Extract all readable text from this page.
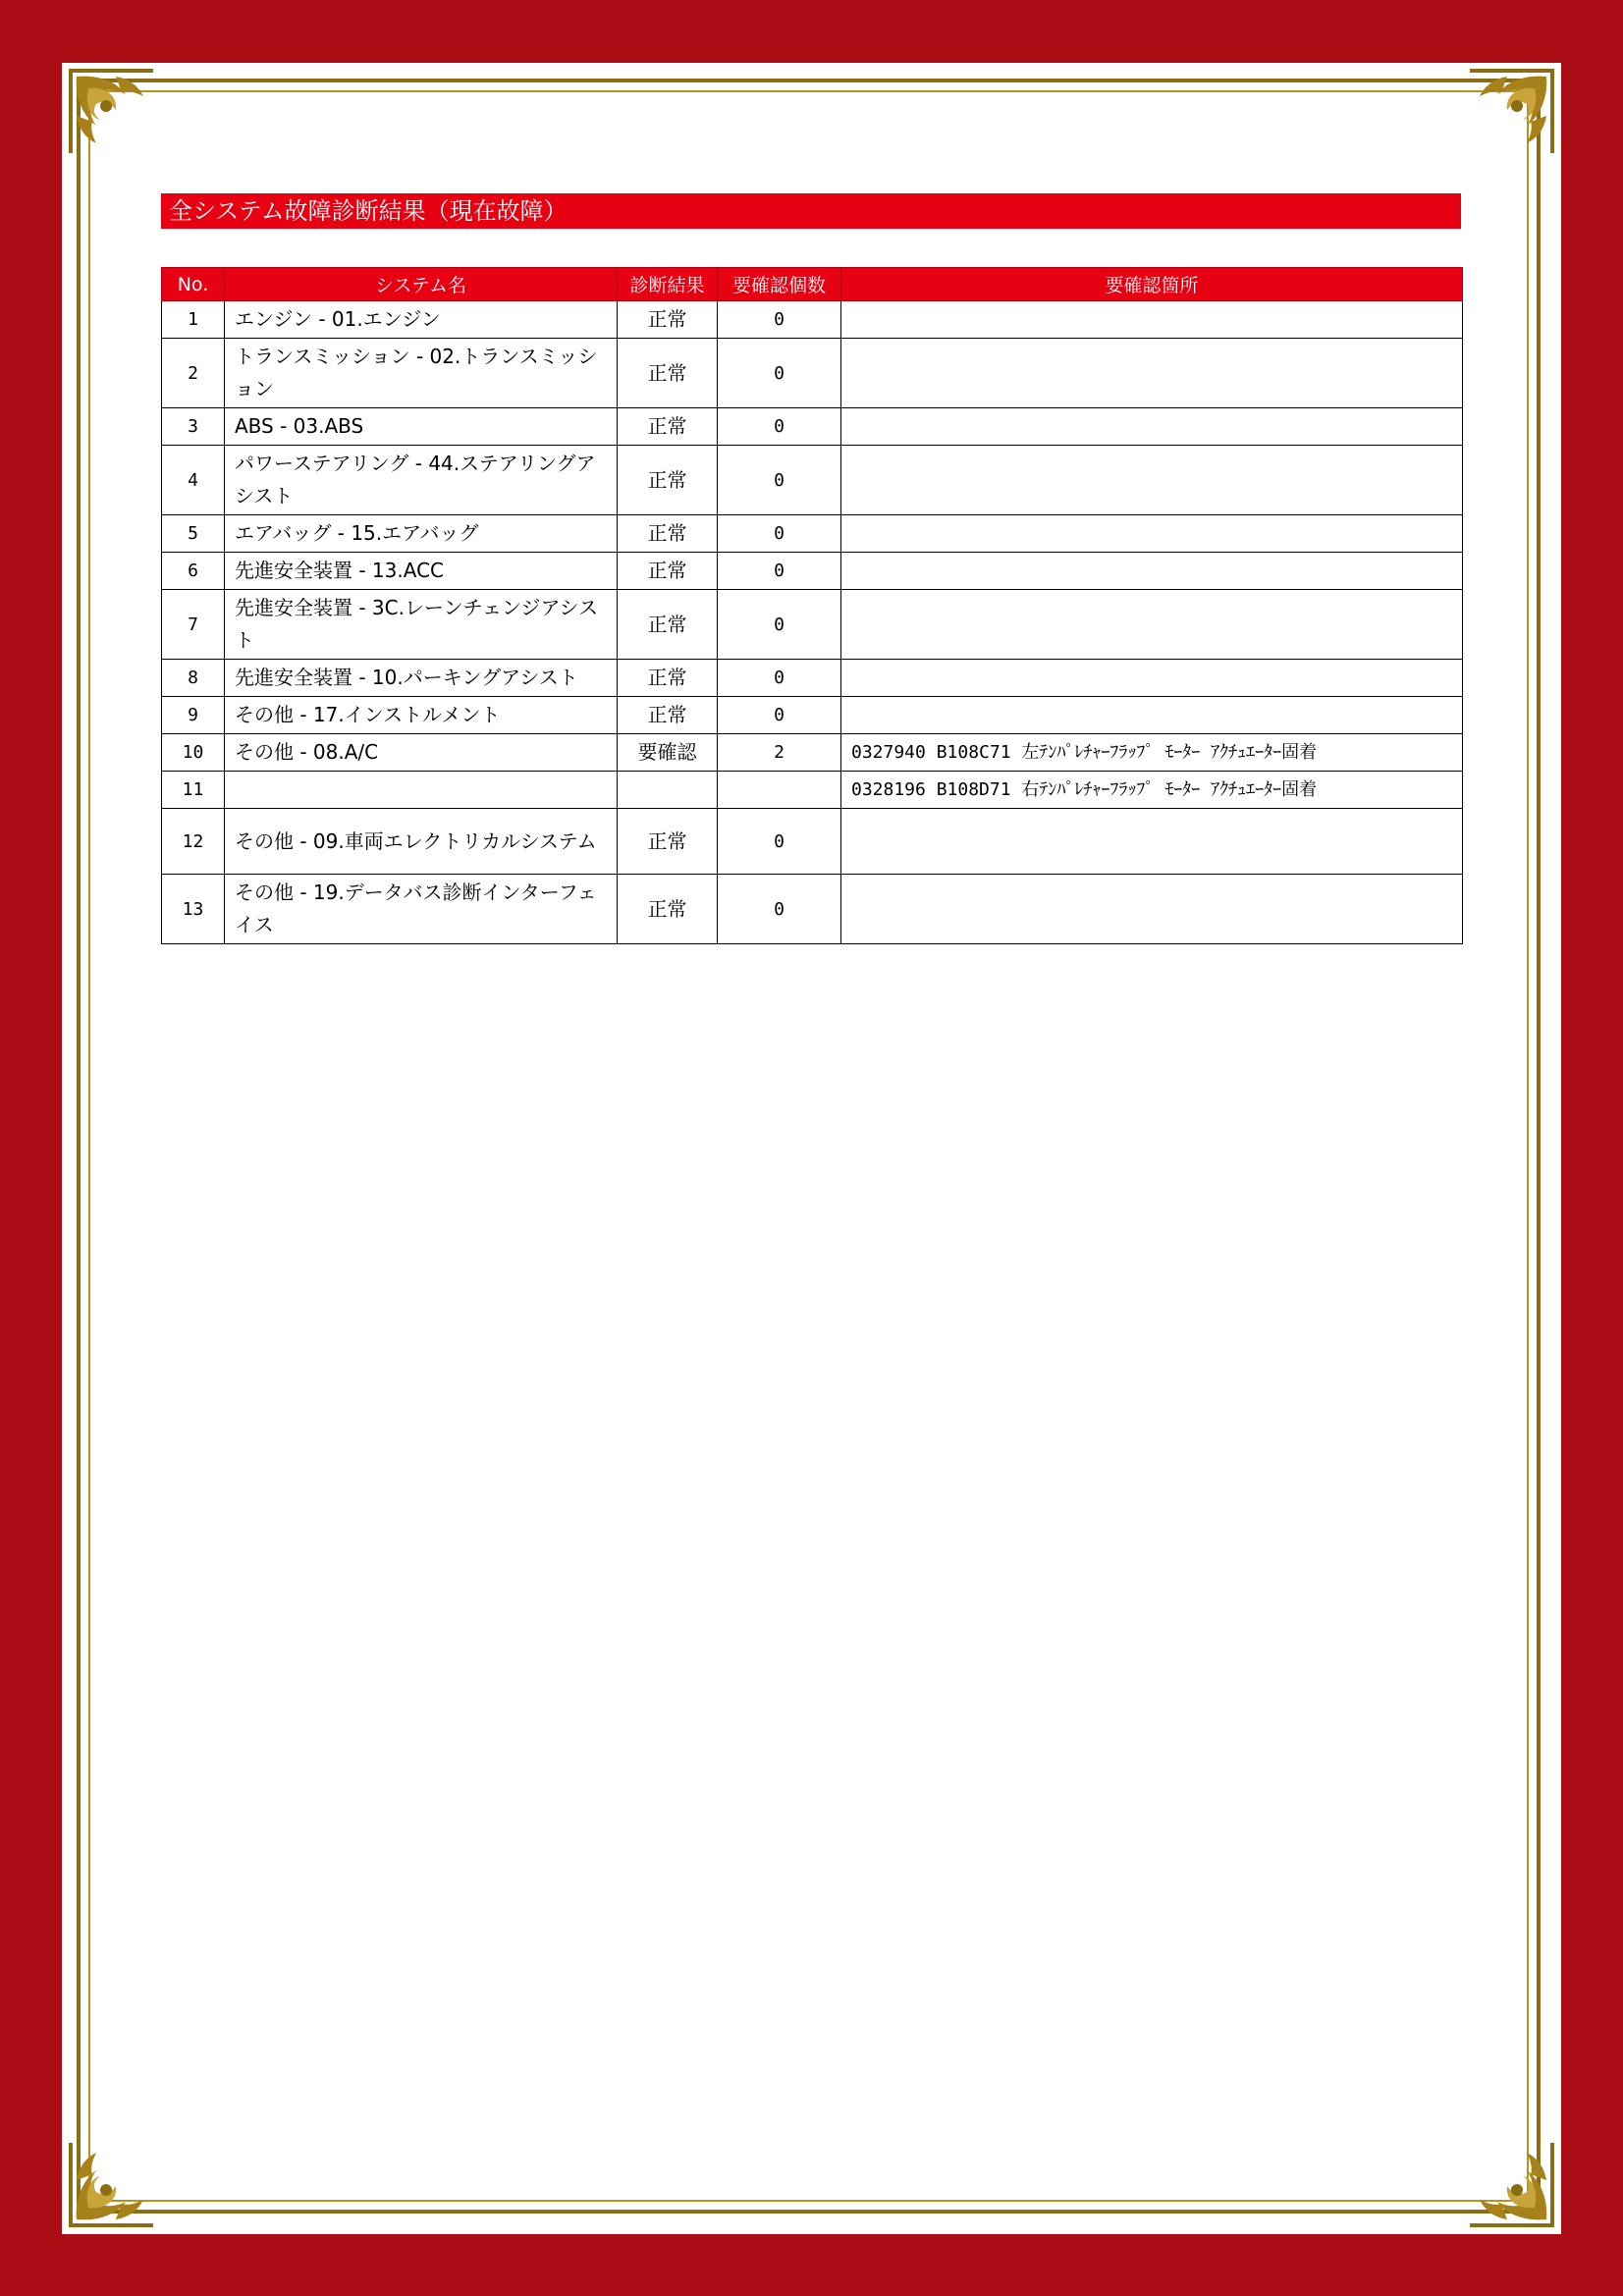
全システム故障診断結果（現在故障）
No.	システム名	診断結果	要確認個数	要確認箇所
1	エンジン - 01.エンジン	正常	0	
2	トランスミッション - 02.トランスミッション	正常	0	
3	ABS - 03.ABS	正常	0	
4	パワーステアリング - 44.ステアリングアシスト	正常	0	
5	エアバッグ - 15.エアバッグ	正常	0	
6	先進安全装置 - 13.ACC	正常	0	
7	先進安全装置 - 3C.レーンチェンジアシスト	正常	0	
8	先進安全装置 - 10.パーキングアシスト	正常	0	
9	その他 - 17.インストルメント	正常	0	
10	その他 - 08.A/C	要確認	2	0327940 B108C71 左ﾃﾝﾊﾟﾚﾁｬｰﾌﾗｯﾌﾟ ﾓｰﾀｰ ｱｸﾁｭｴｰﾀｰ固着
11				0328196 B108D71 右ﾃﾝﾊﾟﾚﾁｬｰﾌﾗｯﾌﾟ ﾓｰﾀｰ ｱｸﾁｭｴｰﾀｰ固着
12	その他 - 09.車両エレクトリカルシステム	正常	0	
13	その他 - 19.データバス診断インターフェイス	正常	0	
